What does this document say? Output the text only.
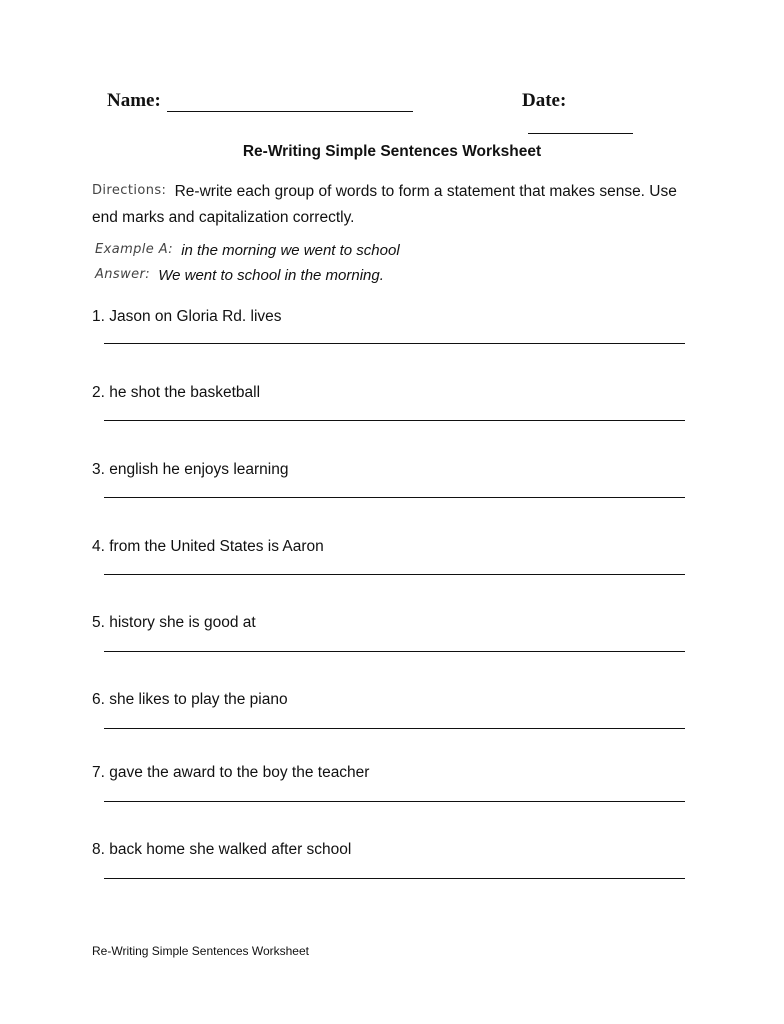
Name:	Date:
Re-Writing Simple Sentences Worksheet
Directions: Re-write each group of words to form a statement that makes sense. Use end marks and capitalization correctly.
Example A: in the morning we went to school
Answer: We went to school in the morning.
1. Jason on Gloria Rd. lives
2. he shot the basketball
3. english he enjoys learning
4. from the United States is Aaron
5. history she is good at
6. she likes to play the piano
7. gave the award to the boy the teacher
8. back home she walked after school
Re-Writing Simple Sentences Worksheet
